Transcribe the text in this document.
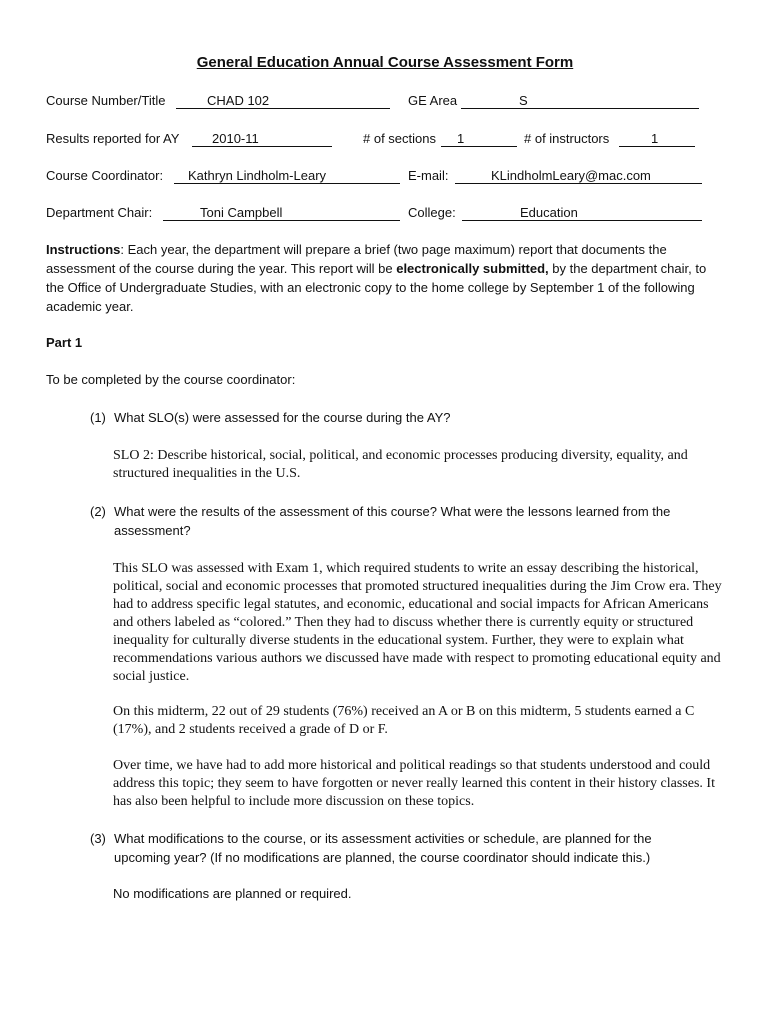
General Education Annual Course Assessment Form
Course Number/Title	CHAD 102	GE Area	S
Results reported for AY	2010-11	# of sections 1	# of instructors	1
Course Coordinator: Kathryn Lindholm-Leary	E-mail:	KLindholmLeary@mac.com
Department Chair:	Toni Campbell	College:	Education
Instructions: Each year, the department will prepare a brief (two page maximum) report that documents the assessment of the course during the year. This report will be electronically submitted, by the department chair, to the Office of Undergraduate Studies, with an electronic copy to the home college by September 1 of the following academic year.
Part 1
To be completed by the course coordinator:
(1) What SLO(s) were assessed for the course during the AY?
SLO 2: Describe historical, social, political, and economic processes producing diversity, equality, and structured inequalities in the U.S.
(2) What were the results of the assessment of this course? What were the lessons learned from the assessment?
This SLO was assessed with Exam 1, which required students to write an essay describing the historical, political, social and economic processes that promoted structured inequalities during the Jim Crow era. They had to address specific legal statutes, and economic, educational and social impacts for African Americans and others labeled as “colored.” Then they had to discuss whether there is currently equity or structured inequality for culturally diverse students in the educational system. Further, they were to explain what recommendations various authors we discussed have made with respect to promoting educational equity and social justice.
On this midterm, 22 out of 29 students (76%) received an A or B on this midterm, 5 students earned a C (17%), and 2 students received a grade of D or F.
Over time, we have had to add more historical and political readings so that students understood and could address this topic; they seem to have forgotten or never really learned this content in their history classes. It has also been helpful to include more discussion on these topics.
(3) What modifications to the course, or its assessment activities or schedule, are planned for the upcoming year? (If no modifications are planned, the course coordinator should indicate this.)
No modifications are planned or required.
